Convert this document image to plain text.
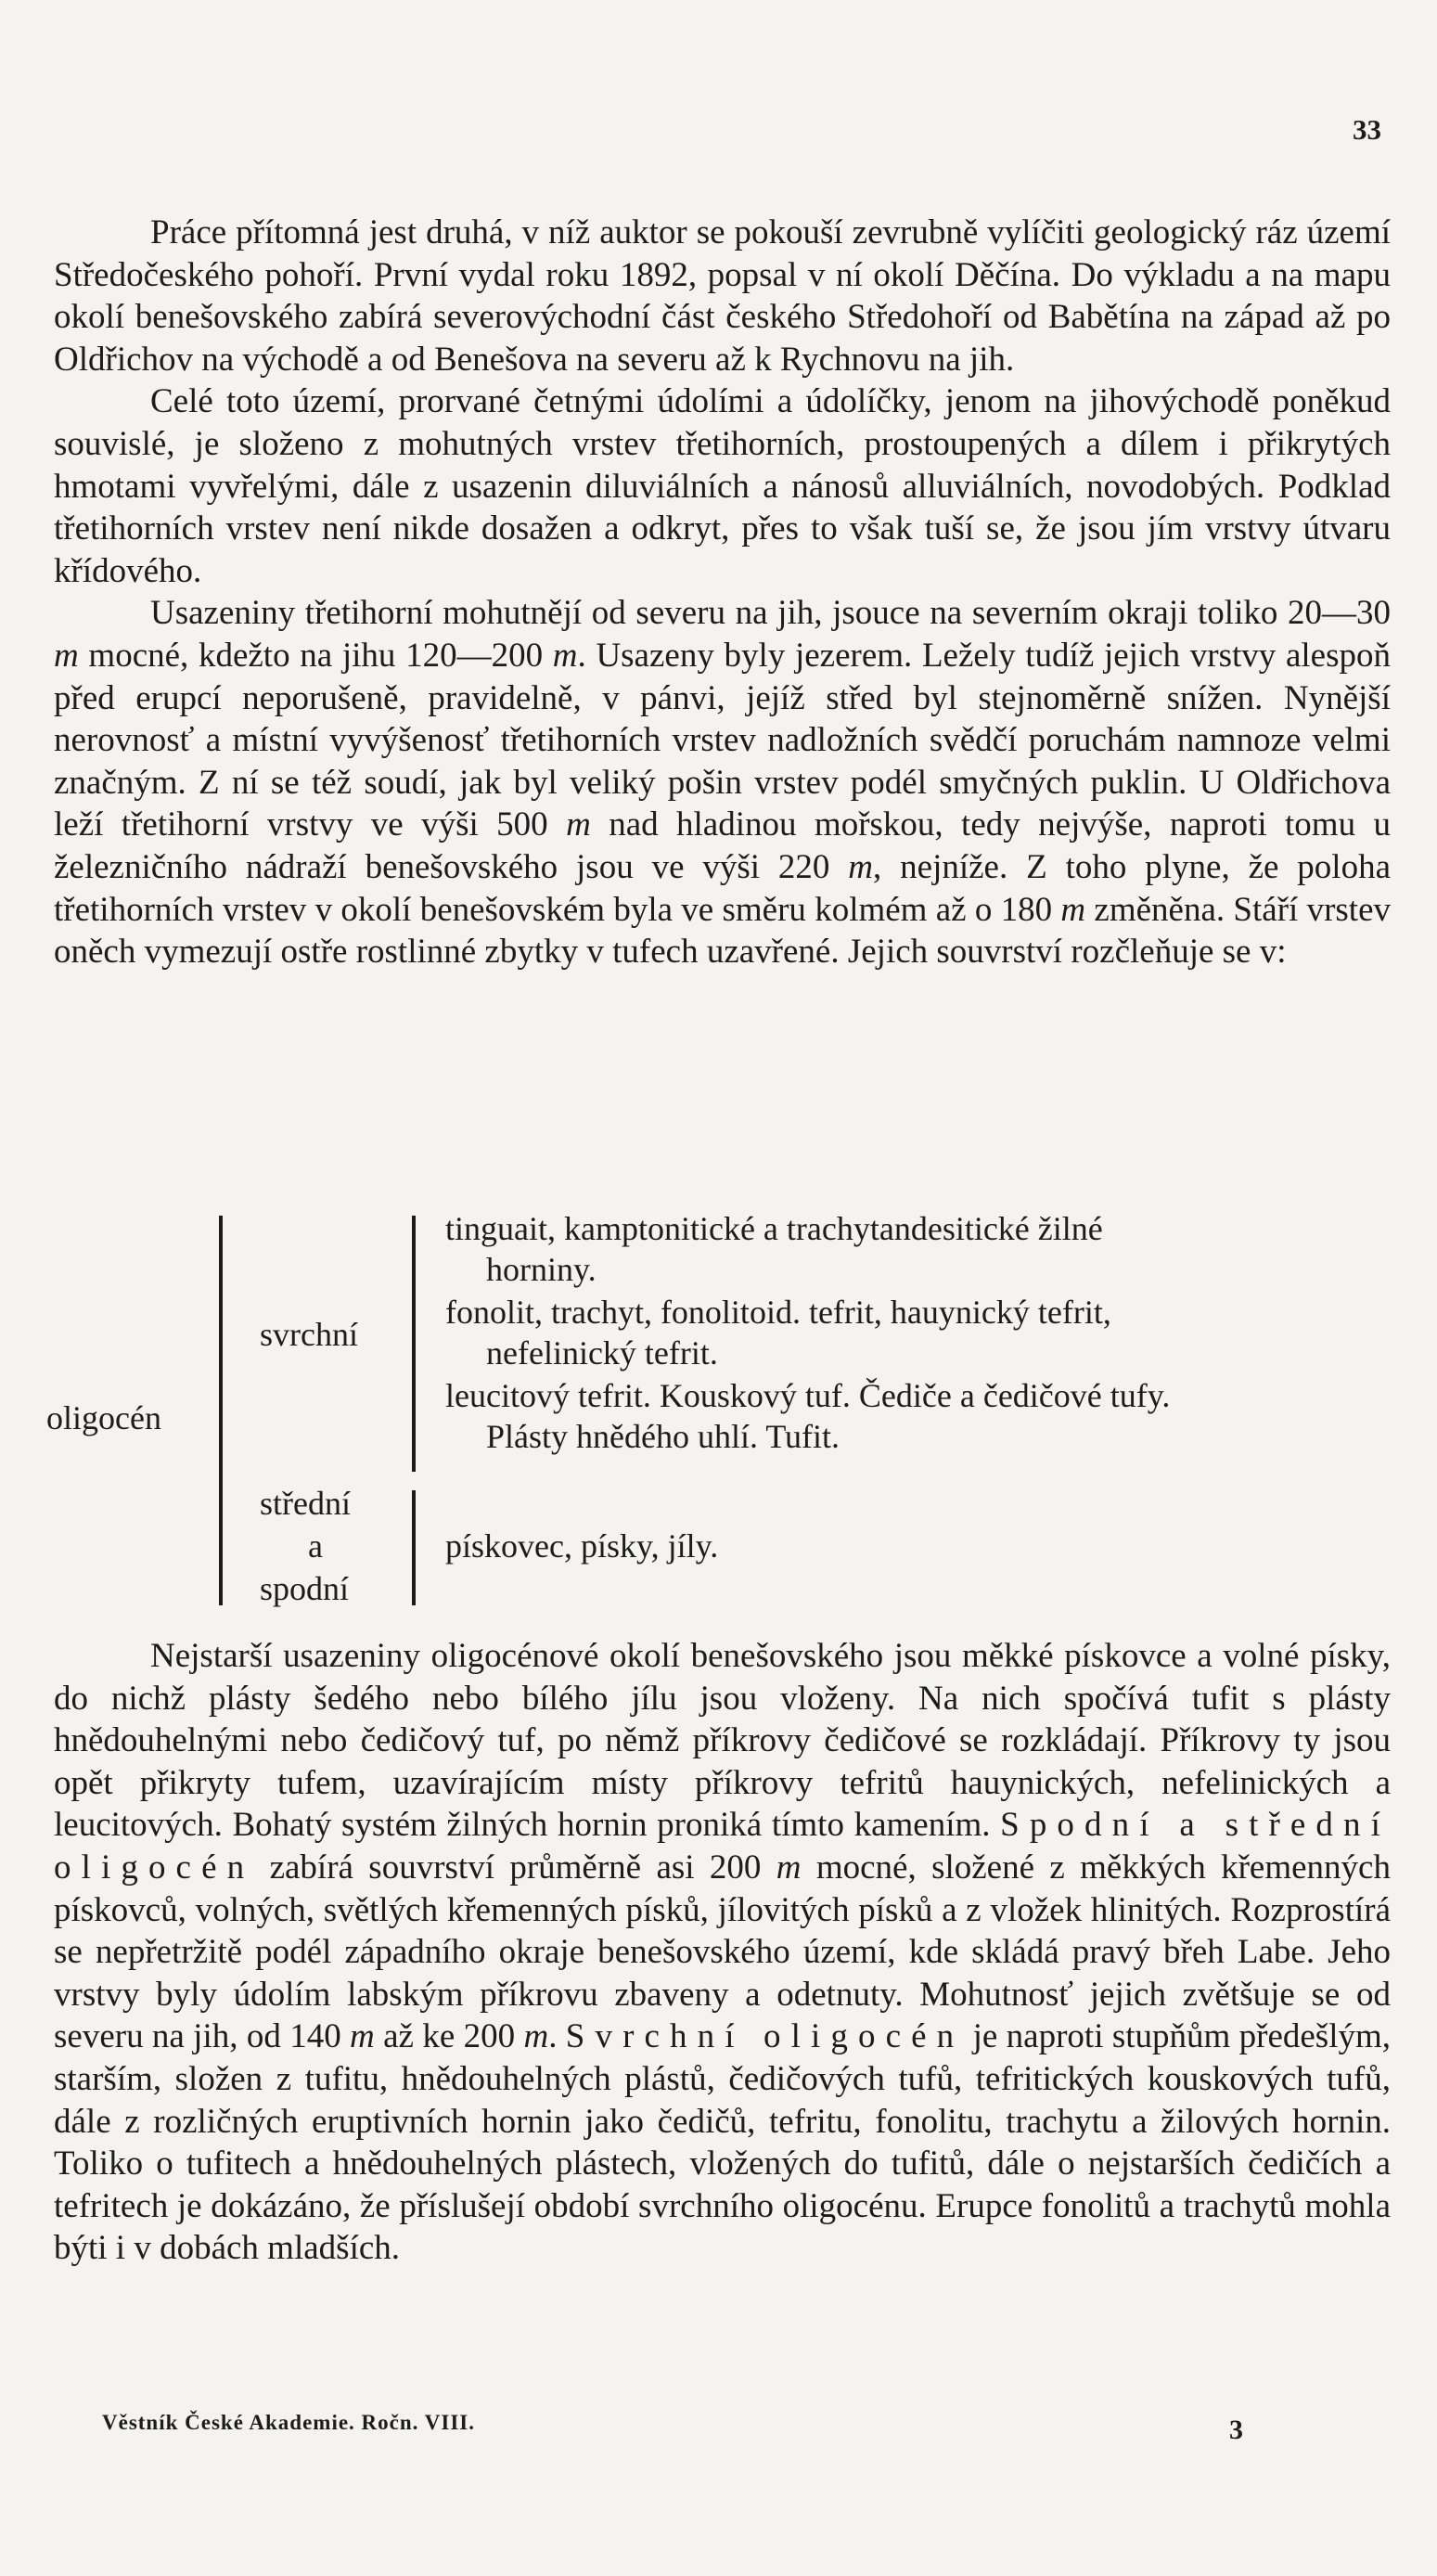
33

Práce přítomná jest druhá, v níž auktor se pokouší zevrubně vylíčiti geologický ráz území Středočeského pohoří. První vydal roku 1892, popsal v ní okolí Děčína. Do výkladu a na mapu okolí benešovského zabírá severovýchodní část českého Středohoří od Babětína na západ až po Oldřichov na východě a od Benešova na severu až k Rychnovu na jih.

Celé toto území, prorvané četnými údolími a údolíčky, jenom na jihovýchodě poněkud souvislé, je složeno z mohutných vrstev třetihorních, prostoupených a dílem i přikrytých hmotami vyvřelými, dále z usazenin diluviálních a nánosů alluviálních, novodobých. Podklad třetihorních vrstev není nikde dosažen a odkryt, přes to však tuší se, že jsou jím vrstvy útvaru křídového.

Usazeniny třetihorní mohutnějí od severu na jih, jsouce na severním okraji toliko 20—30 m mocné, kdežto na jihu 120—200 m. Usazeny byly jezerem. Ležely tudíž jejich vrstvy alespoň před erupcí neporušeně, pravidelně, v pánvi, jejíž střed byl stejnoměrně snížen. Nynější nerovnosť a místní vyvýšenosť třetihorních vrstev nadložních svědčí poruchám namnoze velmi značným. Z ní se též soudí, jak byl veliký pošin vrstev podél smyčných puklin. U Oldřichova leží třetihorní vrstvy ve výši 500 m nad hladinou mořskou, tedy nejvýše, naproti tomu u železničního nádraží benešovského jsou ve výši 220 m, nejníže. Z toho plyne, že poloha třetihorních vrstev v okolí benešovském byla ve směru kolmém až o 180 m změněna. Stáří vrstev oněch vymezují ostře rostlinné zbytky v tufech uzavřené. Jejich souvrství rozčleňuje se v:

oligocén
svrchní
tinguait, kamptonitické a trachytandesitické žilné
horniny.
fonolit, trachyt, fonolitoid. tefrit, hauynický tefrit,
nefelinický tefrit.
leucitový tefrit. Kouskový tuf. Čediče a čedičové tufy.
Plásty hnědého uhlí. Tufit.
střední
a
spodní
pískovec, písky, jíly.

Nejstarší usazeniny oligocénové okolí benešovského jsou měkké pískovce a volné písky, do nichž plásty šedého nebo bílého jílu jsou vloženy. Na nich spočívá tufit s plásty hnědouhelnými nebo čedičový tuf, po němž příkrovy čedičové se rozkládají. Příkrovy ty jsou opět přikryty tufem, uzavírajícím místy příkrovy tefritů hauynických, nefelinických a leucitových. Bohatý systém žilných hornin proniká tímto kamením. Spodní a střední oligocén zabírá souvrství průměrně asi 200 m mocné, složené z měkkých křemenných pískovců, volných, světlých křemenných písků, jílovitých písků a z vložek hlinitých. Rozprostírá se nepřetržitě podél západního okraje benešovského území, kde skládá pravý břeh Labe. Jeho vrstvy byly údolím labským příkrovu zbaveny a odetnuty. Mohutnosť jejich zvětšuje se od severu na jih, od 140 m až ke 200 m. Svrchní oligocén je naproti stupňům předešlým, starším, složen z tufitu, hnědouhelných plástů, čedičových tufů, tefritických kouskových tufů, dále z rozličných eruptivních hornin jako čedičů, tefritu, fonolitu, trachytu a žilových hornin. Toliko o tufitech a hnědouhelných plástech, vložených do tufitů, dále o nejstarších čedičích a tefritech je dokázáno, že příslušejí období svrchního oligocénu. Erupce fonolitů a trachytů mohla býti i v dobách mladších.

Věstník České Akademie. Ročn. VIII.	3
